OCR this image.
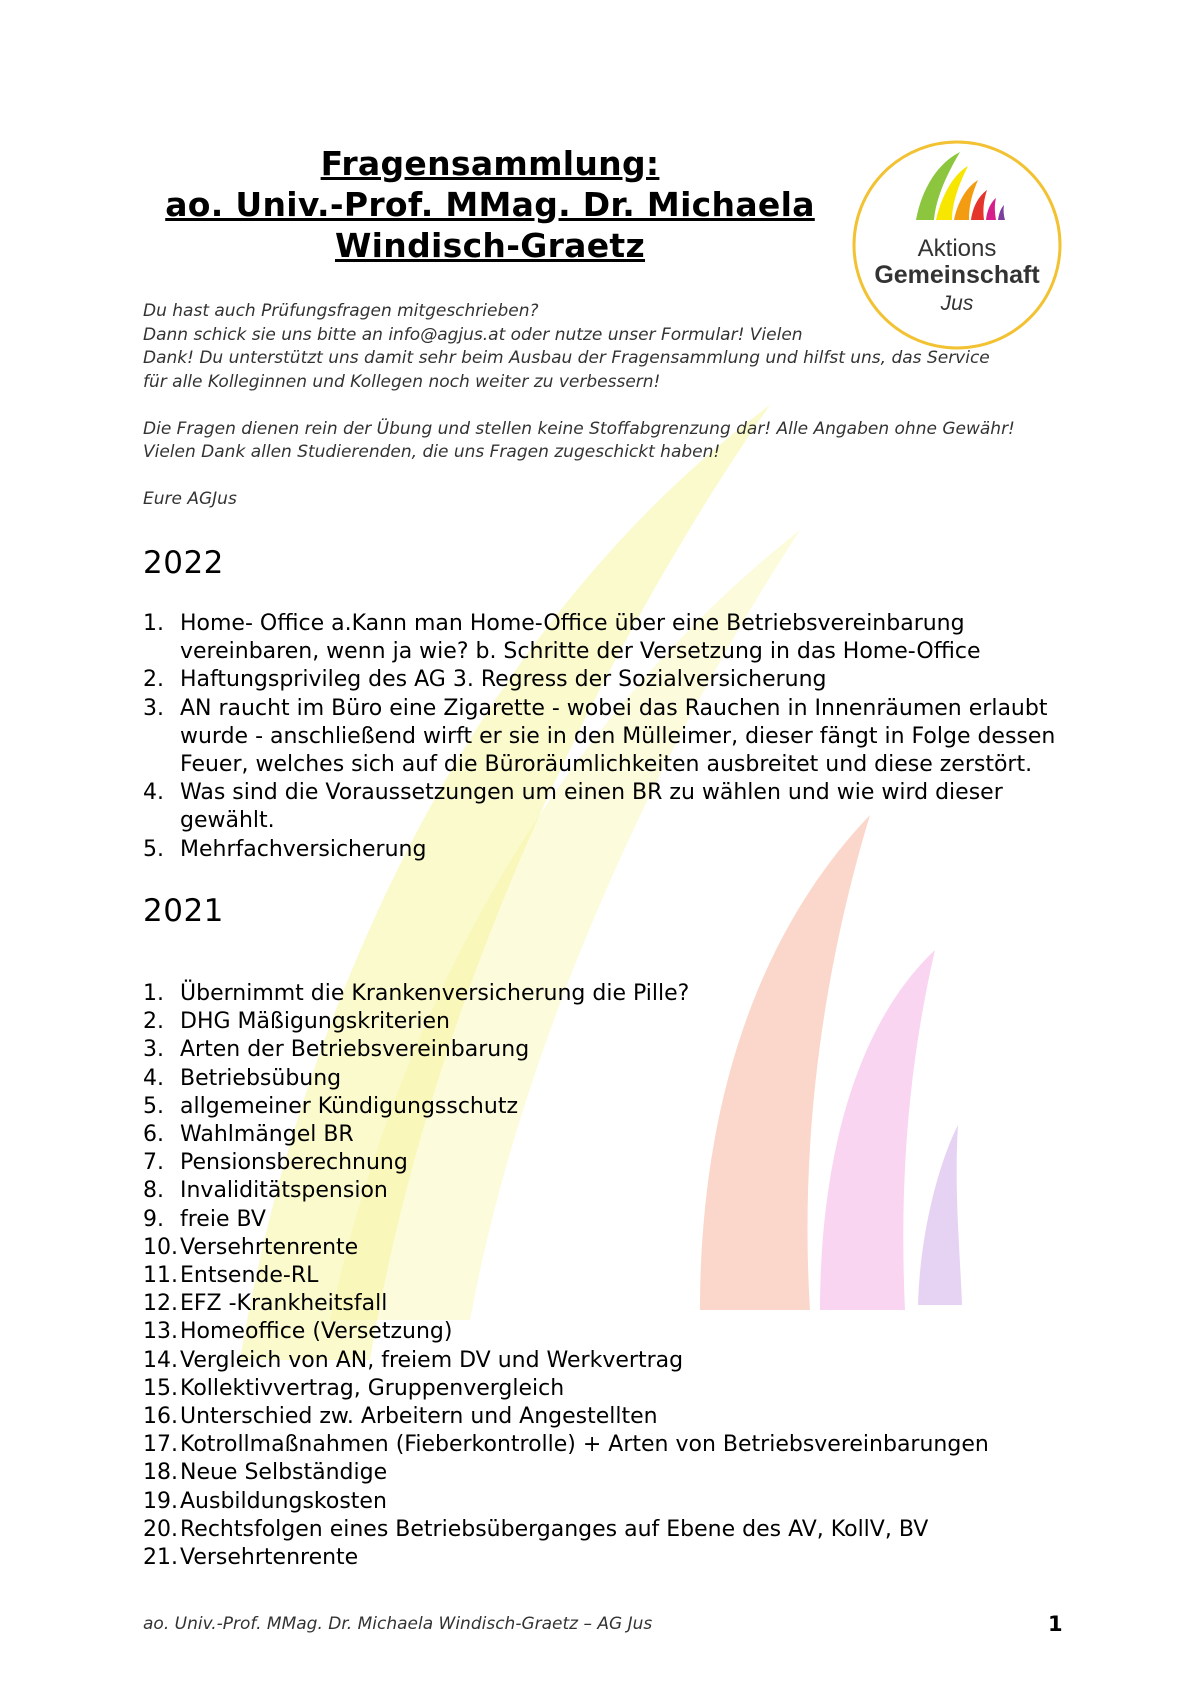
Fragensammlung:
ao. Univ.-Prof. MMag. Dr. Michaela
Windisch-Graetz	Aktions
Gemeinschaft
Jus

Du hast auch Prüfungsfragen mitgeschrieben?

Dann schick sie uns bitte an info@agjus.at oder nutze unser Formular! Vielen

Dank! Du unterstützt uns damit sehr beim Ausbau der Fragensammlung und hilfst uns, das Service

für alle Kolleginnen und Kollegen noch weiter zu verbessern!

Die Fragen dienen rein der Übung und stellen keine Stoffabgrenzung dar! Alle Angaben ohne Gewähr!

Vielen Dank allen Studierenden, die uns Fragen zugeschickt haben!

Eure AGJus

2022
1. Home- Office a.Kann man Home-Office über eine Betriebsvereinbarung vereinbaren, wenn ja wie? b. Schritte der Versetzung in das Home-Office
2. Haftungsprivileg des AG 3. Regress der Sozialversicherung
3. AN raucht im Büro eine Zigarette - wobei das Rauchen in Innenräumen erlaubt wurde - anschließend wirft er sie in den Mülleimer, dieser fängt in Folge dessen Feuer, welches sich auf die Büroräumlichkeiten ausbreitet und diese zerstört.
4. Was sind die Voraussetzungen um einen BR zu wählen und wie wird dieser gewählt.
5. Mehrfachversicherung
2021
1. Übernimmt die Krankenversicherung die Pille?
2. DHG Mäßigungskriterien
3. Arten der Betriebsvereinbarung
4. Betriebsübung
5. allgemeiner Kündigungsschutz
6. Wahlmängel BR
7. Pensionsberechnung
8. Invaliditätspension
9. freie BV
10. Versehrtenrente
11. Entsende-RL
12. EFZ -Krankheitsfall
13. Homeoffice (Versetzung)
14. Vergleich von AN, freiem DV und Werkvertrag
15. Kollektivvertrag, Gruppenvergleich
16. Unterschied zw. Arbeitern und Angestellten
17. Kotrollmaßnahmen (Fieberkontrolle) + Arten von Betriebsvereinbarungen
18. Neue Selbständige
19. Ausbildungskosten
20. Rechtsfolgen eines Betriebsüberganges auf Ebene des AV, KollV, BV
21. Versehrtenrente
ao. Univ.-Prof. MMag. Dr. Michaela Windisch-Graetz – AG Jus	1
